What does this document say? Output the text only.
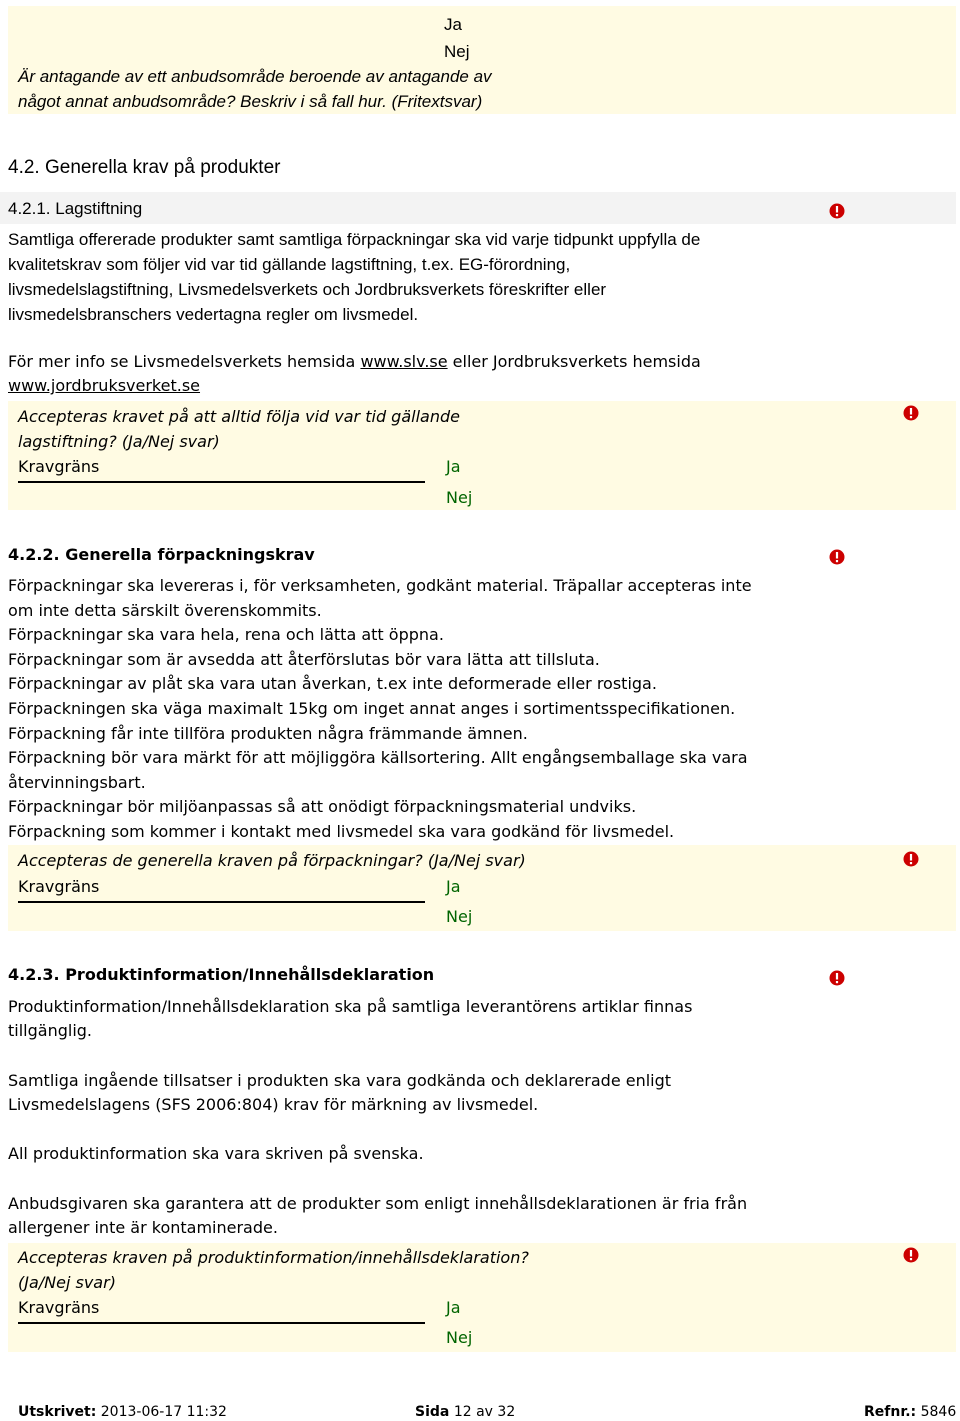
Ja
Nej
Är antagande av ett anbudsområde beroende av antagande av
något annat anbudsområde? Beskriv i så fall hur. (Fritextsvar)
4.2. Generella krav på produkter
4.2.1. Lagstiftning
Samtliga offererade produkter samt samtliga förpackningar ska vid varje tidpunkt uppfylla de
kvalitetskrav som följer vid var tid gällande lagstiftning, t.ex. EG-förordning,
livsmedelslagstiftning, Livsmedelsverkets och Jordbruksverkets föreskrifter eller
livsmedelsbranschers vedertagna regler om livsmedel.
För mer info se Livsmedelsverkets hemsida www.slv.se eller Jordbruksverkets hemsida
www.jordbruksverket.se
Accepteras kravet på att alltid följa vid var tid gällande
lagstiftning? (Ja/Nej svar)
Kravgräns	Ja
Nej
4.2.2. Generella förpackningskrav
Förpackningar ska levereras i, för verksamheten, godkänt material. Träpallar accepteras inte
om inte detta särskilt överenskommits.
Förpackningar ska vara hela, rena och lätta att öppna.
Förpackningar som är avsedda att återförslutas bör vara lätta att tillsluta.
Förpackningar av plåt ska vara utan åverkan, t.ex inte deformerade eller rostiga.
Förpackningen ska väga maximalt 15kg om inget annat anges i sortimentsspecifikationen.
Förpackning får inte tillföra produkten några främmande ämnen.
Förpackning bör vara märkt för att möjliggöra källsortering. Allt engångsemballage ska vara
återvinningsbart.
Förpackningar bör miljöanpassas så att onödigt förpackningsmaterial undviks.
Förpackning som kommer i kontakt med livsmedel ska vara godkänd för livsmedel.
Accepteras de generella kraven på förpackningar? (Ja/Nej svar)
Kravgräns	Ja
Nej
4.2.3. Produktinformation/Innehållsdeklaration
Produktinformation/Innehållsdeklaration ska på samtliga leverantörens artiklar finnas
tillgänglig.
Samtliga ingående tillsatser i produkten ska vara godkända och deklarerade enligt
Livsmedelslagens (SFS 2006:804) krav för märkning av livsmedel.
All produktinformation ska vara skriven på svenska.
Anbudsgivaren ska garantera att de produkter som enligt innehållsdeklarationen är fria från
allergener inte är kontaminerade.
Accepteras kraven på produktinformation/innehållsdeklaration?
(Ja/Nej svar)
Kravgräns	Ja
Nej
Utskrivet: 2013-06-17 11:32	Sida 12 av 32	Refnr.: 5846
